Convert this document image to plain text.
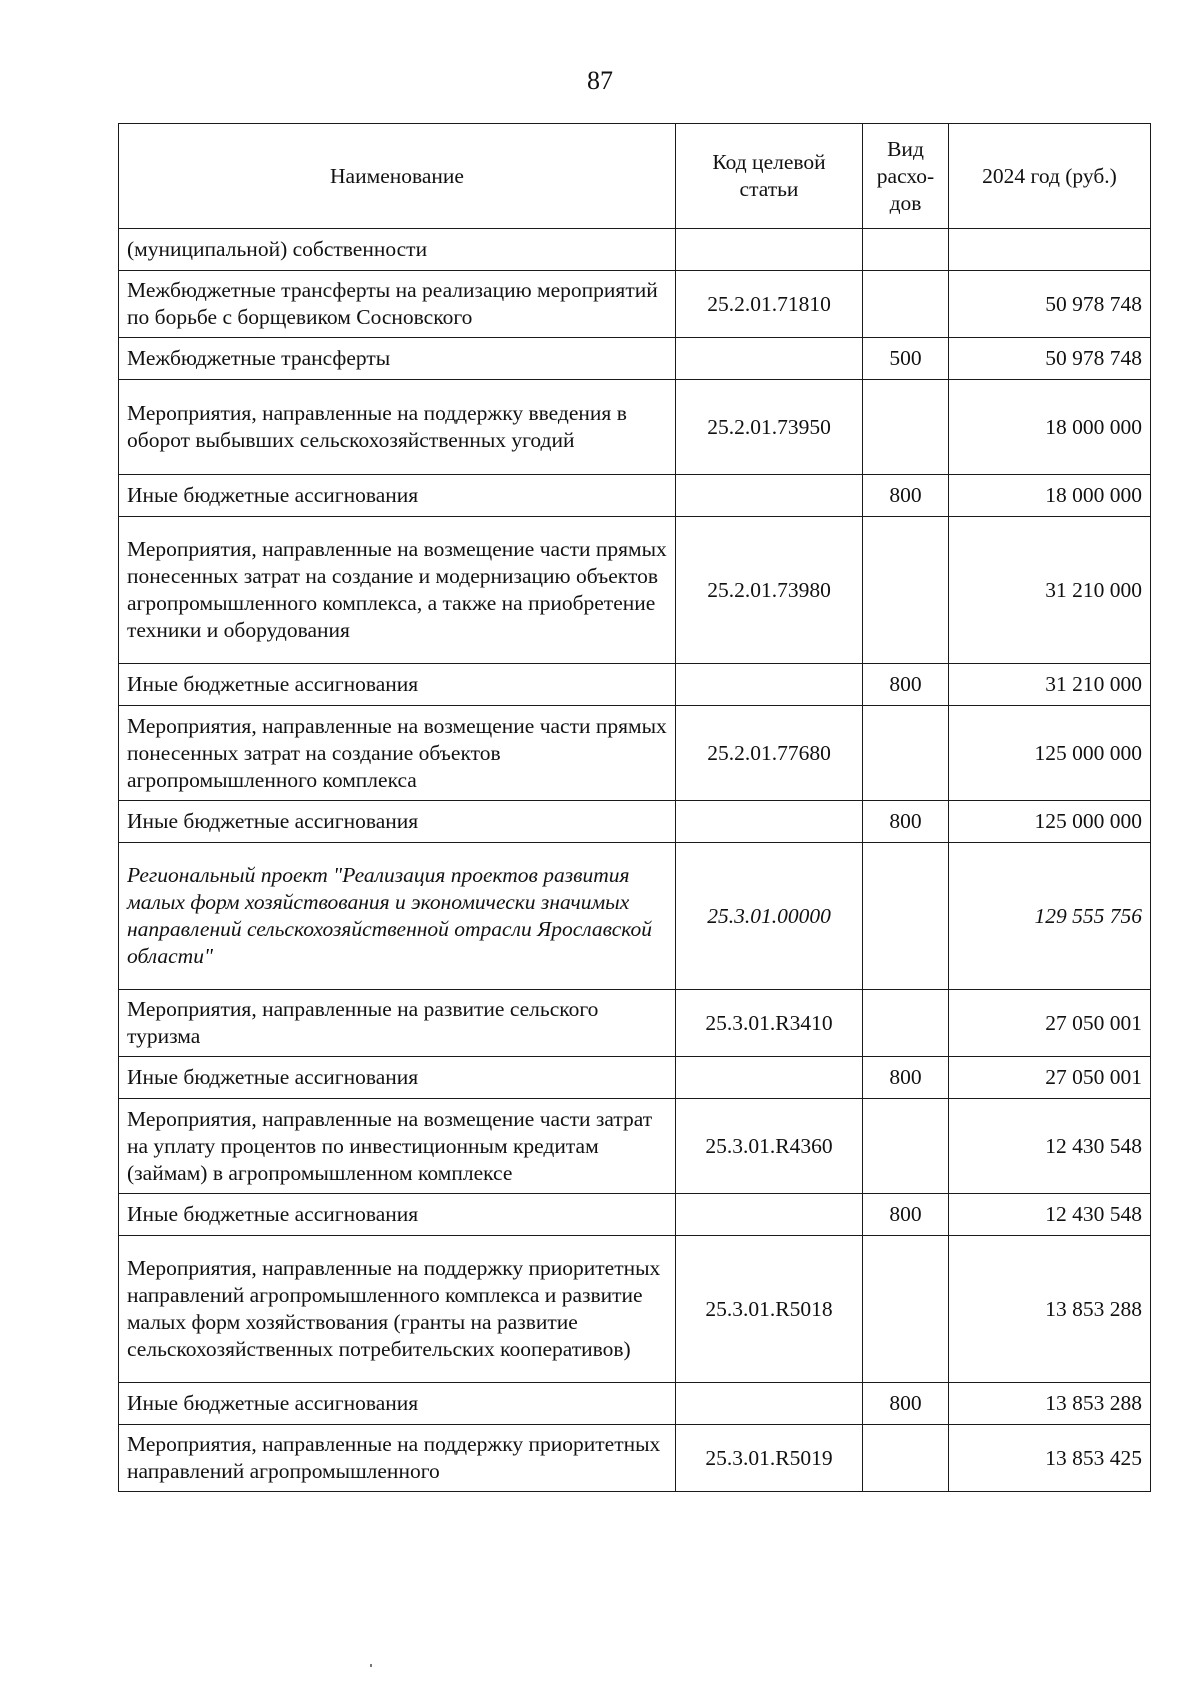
87
Наименование	Код целевой статьи	Вид расхо-дов	2024 год (руб.)
(муниципальной) собственности			
Межбюджетные трансферты на реализацию мероприятий по борьбе с борщевиком Сосновского	25.2.01.71810		50 978 748
Межбюджетные трансферты		500	50 978 748
Мероприятия, направленные на поддержку введения в оборот выбывших сельскохозяйственных угодий	25.2.01.73950		18 000 000
Иные бюджетные ассигнования		800	18 000 000
Мероприятия, направленные на возмещение части прямых понесенных затрат на создание и модернизацию объектов агропромышленного комплекса, а также на приобретение техники и оборудования	25.2.01.73980		31 210 000
Иные бюджетные ассигнования		800	31 210 000
Мероприятия, направленные на возмещение части прямых понесенных затрат на создание объектов агропромышленного комплекса	25.2.01.77680		125 000 000
Иные бюджетные ассигнования		800	125 000 000
Региональный проект "Реализация проектов развития малых форм хозяйствования и экономически значимых направлений сельскохозяйственной отрасли Ярославской области"	25.3.01.00000		129 555 756
Мероприятия, направленные на развитие сельского туризма	25.3.01.R3410		27 050 001
Иные бюджетные ассигнования		800	27 050 001
Мероприятия, направленные на возмещение части затрат на уплату процентов по инвестиционным кредитам (займам) в агропромышленном комплексе	25.3.01.R4360		12 430 548
Иные бюджетные ассигнования		800	12 430 548
Мероприятия, направленные на поддержку приоритетных направлений агропромышленного комплекса и развитие малых форм хозяйствования (гранты на развитие сельскохозяйственных потребительских кооперативов)	25.3.01.R5018		13 853 288
Иные бюджетные ассигнования		800	13 853 288
Мероприятия, направленные на поддержку приоритетных направлений агропромышленного	25.3.01.R5019		13 853 425
